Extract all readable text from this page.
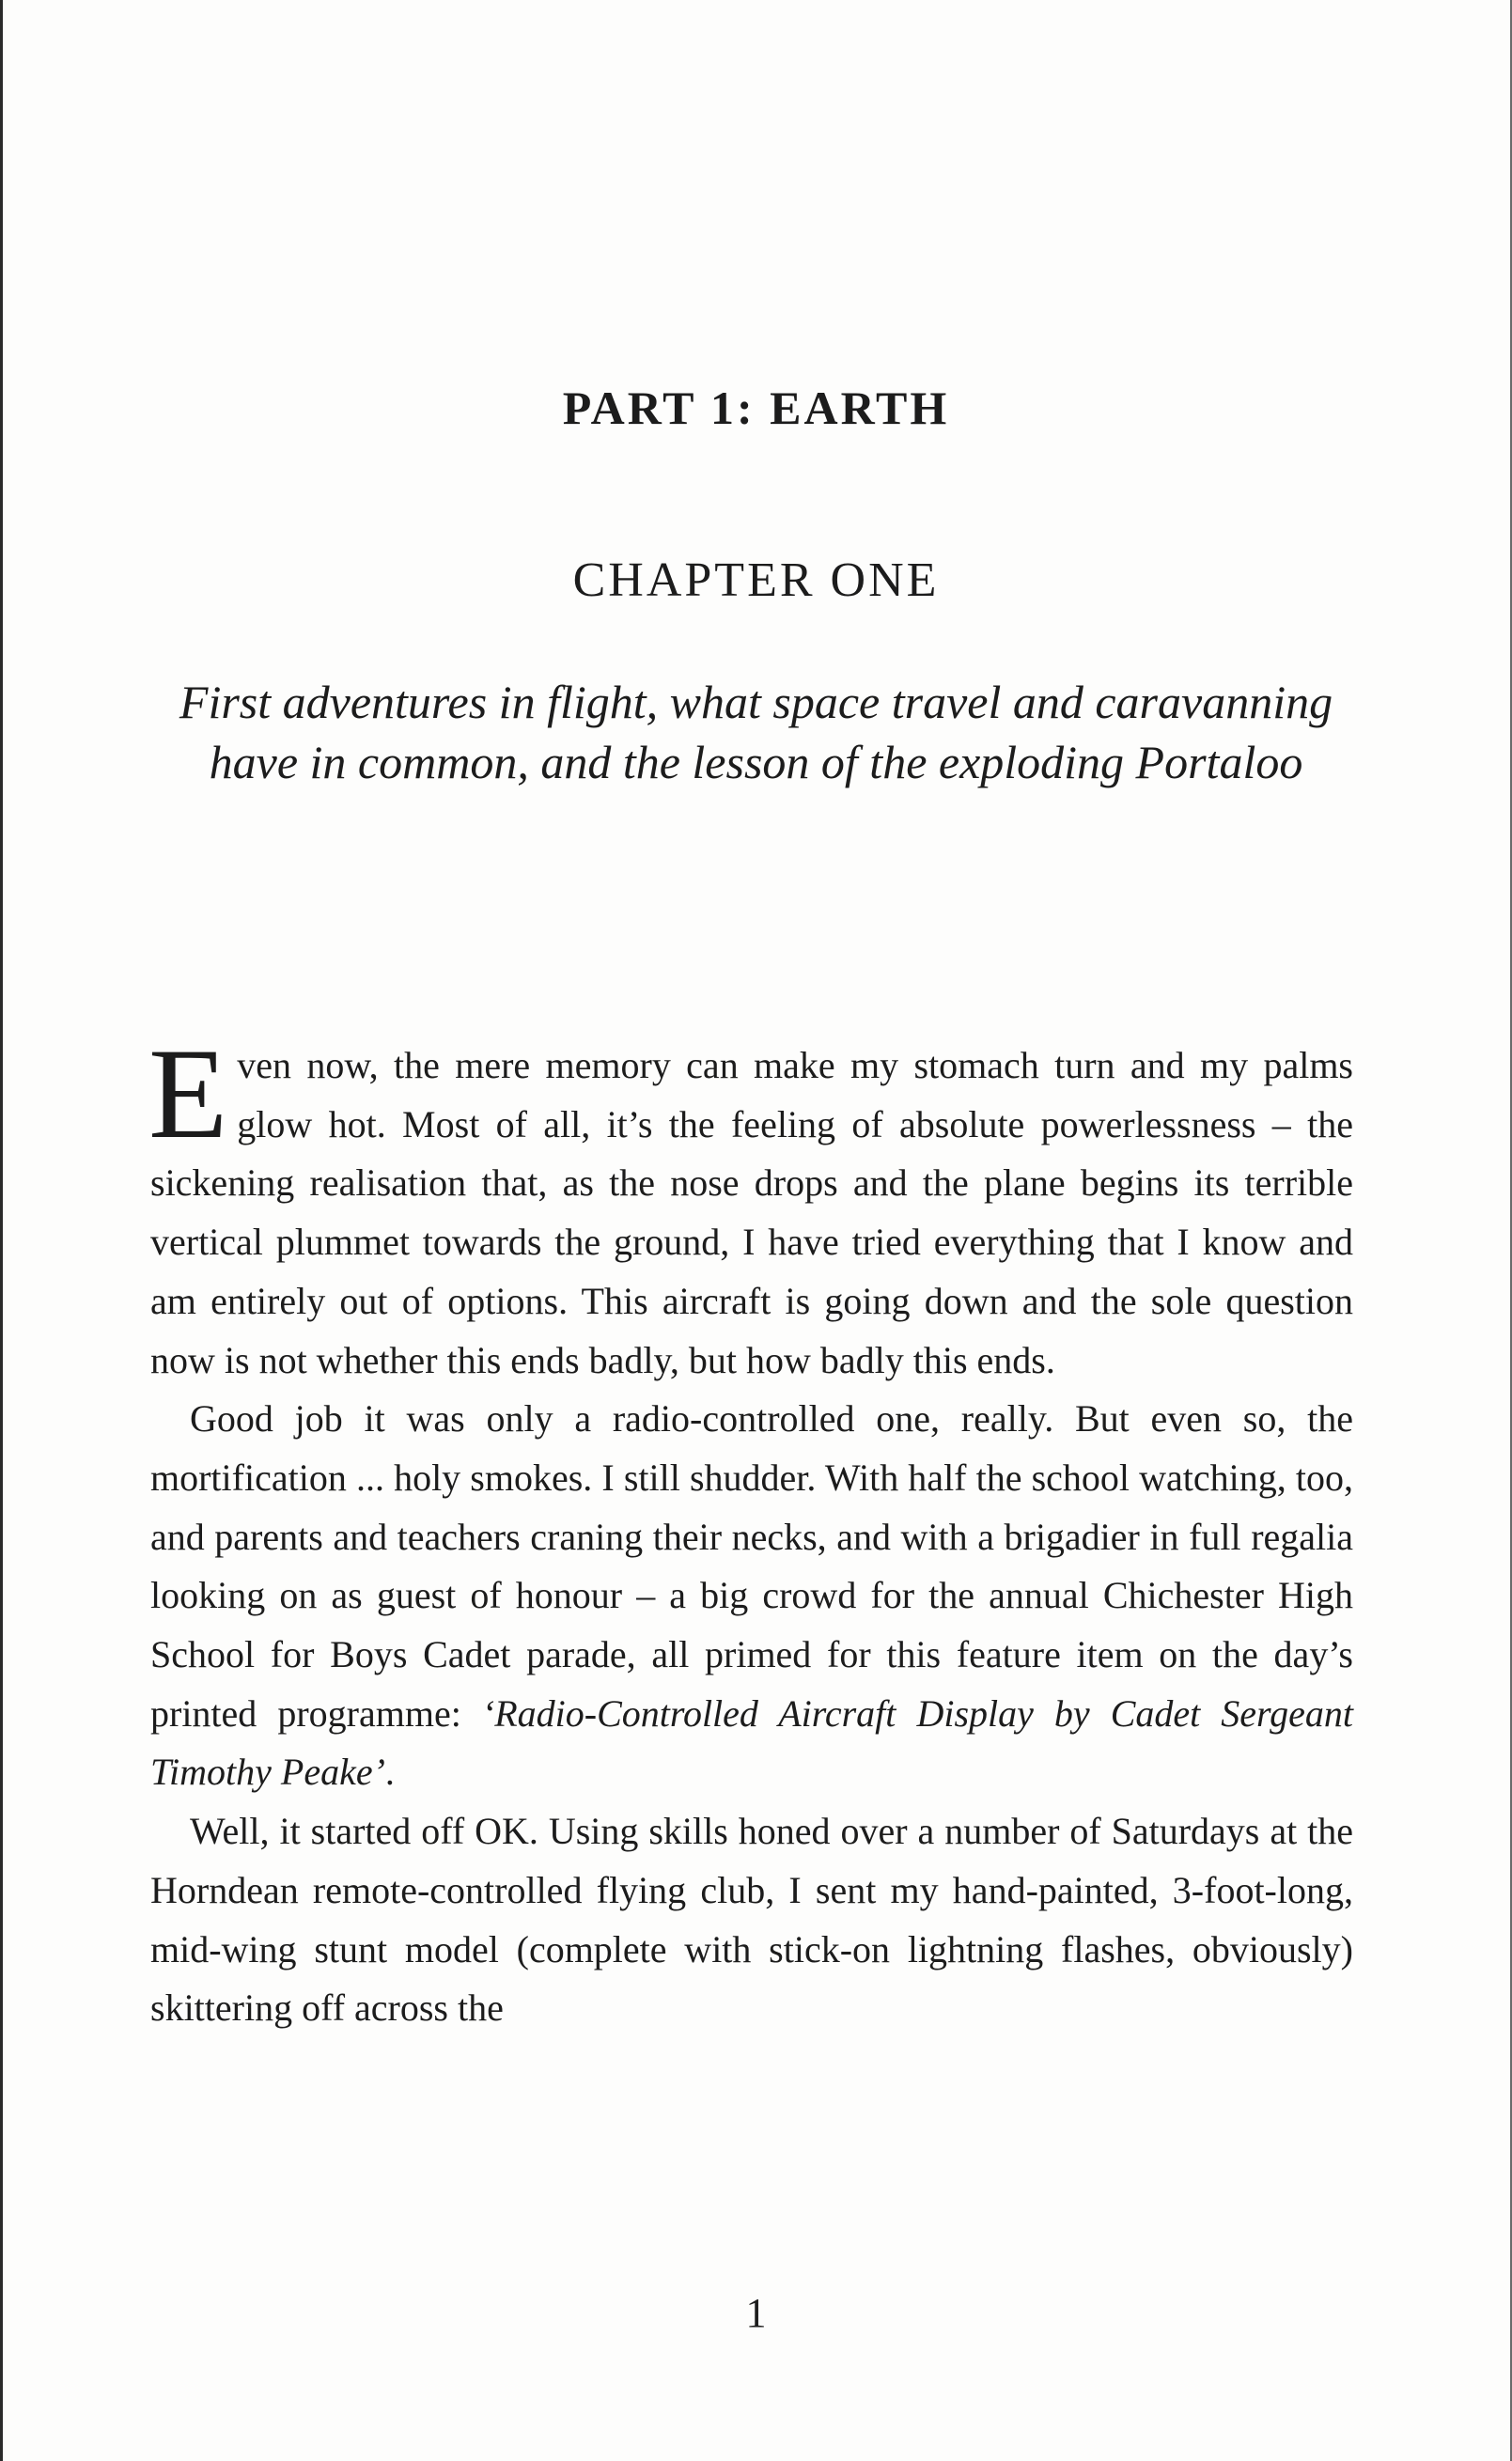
PART 1: EARTH
CHAPTER ONE
First adventures in flight, what space travel and caravanning have in common, and the lesson of the exploding Portaloo

Even now, the mere memory can make my stomach turn and my palms glow hot. Most of all, it’s the feeling of absolute powerlessness – the sickening realisation that, as the nose drops and the plane begins its terrible vertical plummet towards the ground, I have tried everything that I know and am entirely out of options. This aircraft is going down and the sole question now is not whether this ends badly, but how badly this ends.

Good job it was only a radio-controlled one, really. But even so, the mortification ... holy smokes. I still shudder. With half the school watching, too, and parents and teachers craning their necks, and with a brigadier in full regalia looking on as guest of honour – a big crowd for the annual Chichester High School for Boys Cadet parade, all primed for this feature item on the day’s printed programme: ‘Radio-Controlled Aircraft Display by Cadet Sergeant Timothy Peake’.

Well, it started off OK. Using skills honed over a number of Saturdays at the Horndean remote-controlled flying club, I sent my hand-painted, 3-foot-long, mid-wing stunt model (complete with stick-on lightning flashes, obviously) skittering off across the

1
